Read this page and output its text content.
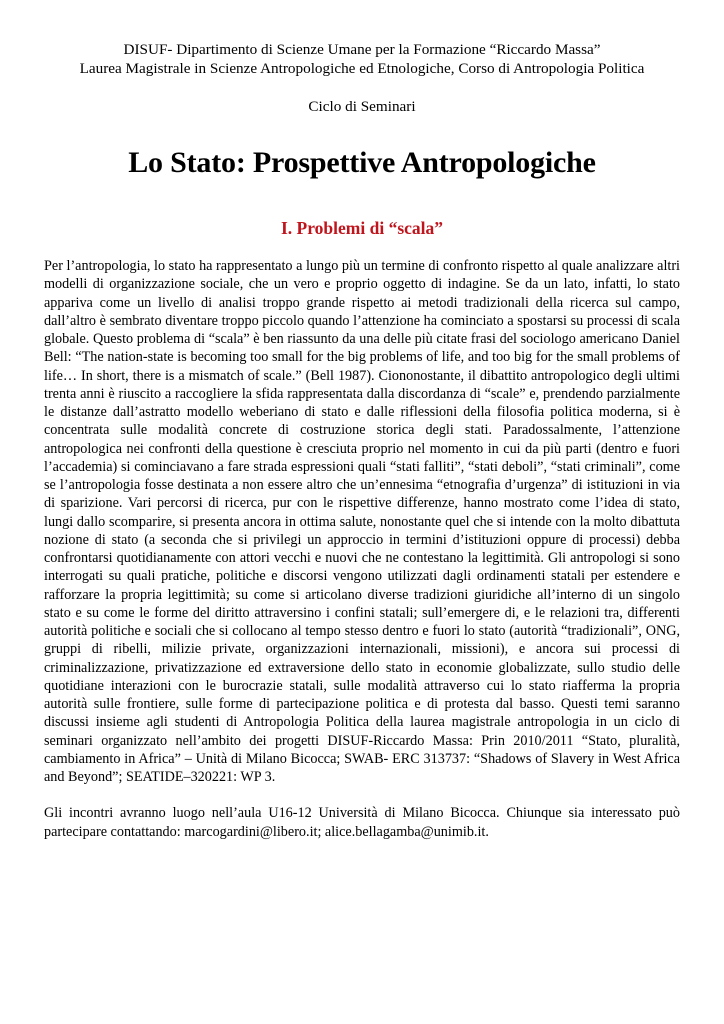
DISUF- Dipartimento di Scienze Umane per la Formazione “Riccardo Massa”

Laurea Magistrale in Scienze Antropologiche ed Etnologiche, Corso di Antropologia Politica

Ciclo di Seminari

Lo Stato: Prospettive Antropologiche
I. Problemi di “scala”

Per l’antropologia, lo stato ha rappresentato a lungo più un termine di confronto rispetto al quale analizzare altri modelli di organizzazione sociale, che un vero e proprio oggetto di indagine. Se da un lato, infatti, lo stato appariva come un livello di analisi troppo grande rispetto ai metodi tradizionali della ricerca sul campo, dall’altro è sembrato diventare troppo piccolo quando l’attenzione ha cominciato a spostarsi su processi di scala globale. Questo problema di “scala” è ben riassunto da una delle più citate frasi del sociologo americano Daniel Bell: “The nation-state is becoming too small for the big problems of life, and too big for the small problems of life… In short, there is a mismatch of scale.” (Bell 1987). Ciononostante, il dibattito antropologico degli ultimi trenta anni è riuscito a raccogliere la sfida rappresentata dalla discordanza di “scale” e, prendendo parzialmente le distanze dall’astratto modello weberiano di stato e dalle riflessioni della filosofia politica moderna, si è concentrata sulle modalità concrete di costruzione storica degli stati. Paradossalmente, l’attenzione antropologica nei confronti della questione è cresciuta proprio nel momento in cui da più parti (dentro e fuori l’accademia) si cominciavano a fare strada espressioni quali “stati falliti”, “stati deboli”, “stati criminali”, come se l’antropologia fosse destinata a non essere altro che un’ennesima “etnografia d’urgenza” di istituzioni in via di sparizione. Vari percorsi di ricerca, pur con le rispettive differenze, hanno mostrato come l’idea di stato, lungi dallo scomparire, si presenta ancora in ottima salute, nonostante quel che si intende con la molto dibattuta nozione di stato (a seconda che si privilegi un approccio in termini d’istituzioni oppure di processi) debba confrontarsi quotidianamente con attori vecchi e nuovi che ne contestano la legittimità. Gli antropologi si sono interrogati su quali pratiche, politiche e discorsi vengono utilizzati dagli ordinamenti statali per estendere e rafforzare la propria legittimità; su come si articolano diverse tradizioni giuridiche all’interno di un singolo stato e su come le forme del diritto attraversino i confini statali; sull’emergere di, e le relazioni tra, differenti autorità politiche e sociali che si collocano al tempo stesso dentro e fuori lo stato (autorità “tradizionali”, ONG, gruppi di ribelli, milizie private, organizzazioni internazionali, missioni), e ancora sui processi di criminalizzazione, privatizzazione ed extraversione dello stato in economie globalizzate, sullo studio delle quotidiane interazioni con le burocrazie statali, sulle modalità attraverso cui lo stato riafferma la propria autorità sulle frontiere, sulle forme di partecipazione politica e di protesta dal basso. Questi temi saranno discussi insieme agli studenti di Antropologia Politica della laurea magistrale antropologia in un ciclo di seminari organizzato nell’ambito dei progetti DISUF-Riccardo Massa: Prin 2010/2011 “Stato, pluralità, cambiamento in Africa” – Unità di Milano Bicocca; SWAB- ERC 313737: “Shadows of Slavery in West Africa and Beyond”; SEATIDE–320221: WP 3.

Gli incontri avranno luogo nell’aula U16-12 Università di Milano Bicocca. Chiunque sia interessato può partecipare contattando: marcogardini@libero.it; alice.bellagamba@unimib.it.
